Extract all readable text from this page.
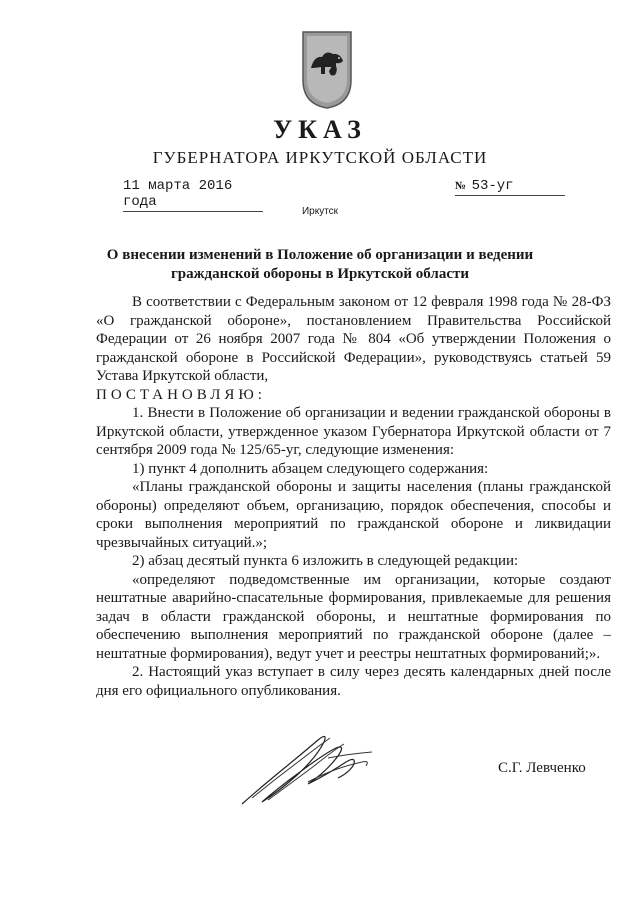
УКАЗ
ГУБЕРНАТОРА ИРКУТСКОЙ ОБЛАСТИ
11 марта 2016 года
№ 53-уг
Иркутск
О внесении изменений в Положение об организации и ведении
гражданской обороны в Иркутской области

В соответствии с Федеральным законом от 12 февраля 1998 года № 28-ФЗ «О гражданской обороне», постановлением Правительства Российской Федерации от 26 ноября 2007 года № 804 «Об утверждении Положения о гражданской обороне в Российской Федерации», руководствуясь статьей 59 Устава Иркутской области,

ПОСТАНОВЛЯЮ:

1. Внести в Положение об организации и ведении гражданской обороны в Иркутской области, утвержденное указом Губернатора Иркутской области от 7 сентября 2009 года № 125/65-уг, следующие изменения:

1) пункт 4 дополнить абзацем следующего содержания:

«Планы гражданской обороны и защиты населения (планы гражданской обороны) определяют объем, организацию, порядок обеспечения, способы и сроки выполнения мероприятий по гражданской обороне и ликвидации чрезвычайных ситуаций.»;

2) абзац десятый пункта 6 изложить в следующей редакции:

«определяют подведомственные им организации, которые создают нештатные аварийно-спасательные формирования, привлекаемые для решения задач в области гражданской обороны, и нештатные формирования по обеспечению выполнения мероприятий по гражданской обороне (далее – нештатные формирования), ведут учет и реестры нештатных формирований;».

2. Настоящий указ вступает в силу через десять календарных дней после дня его официального опубликования.

С.Г. Левченко
